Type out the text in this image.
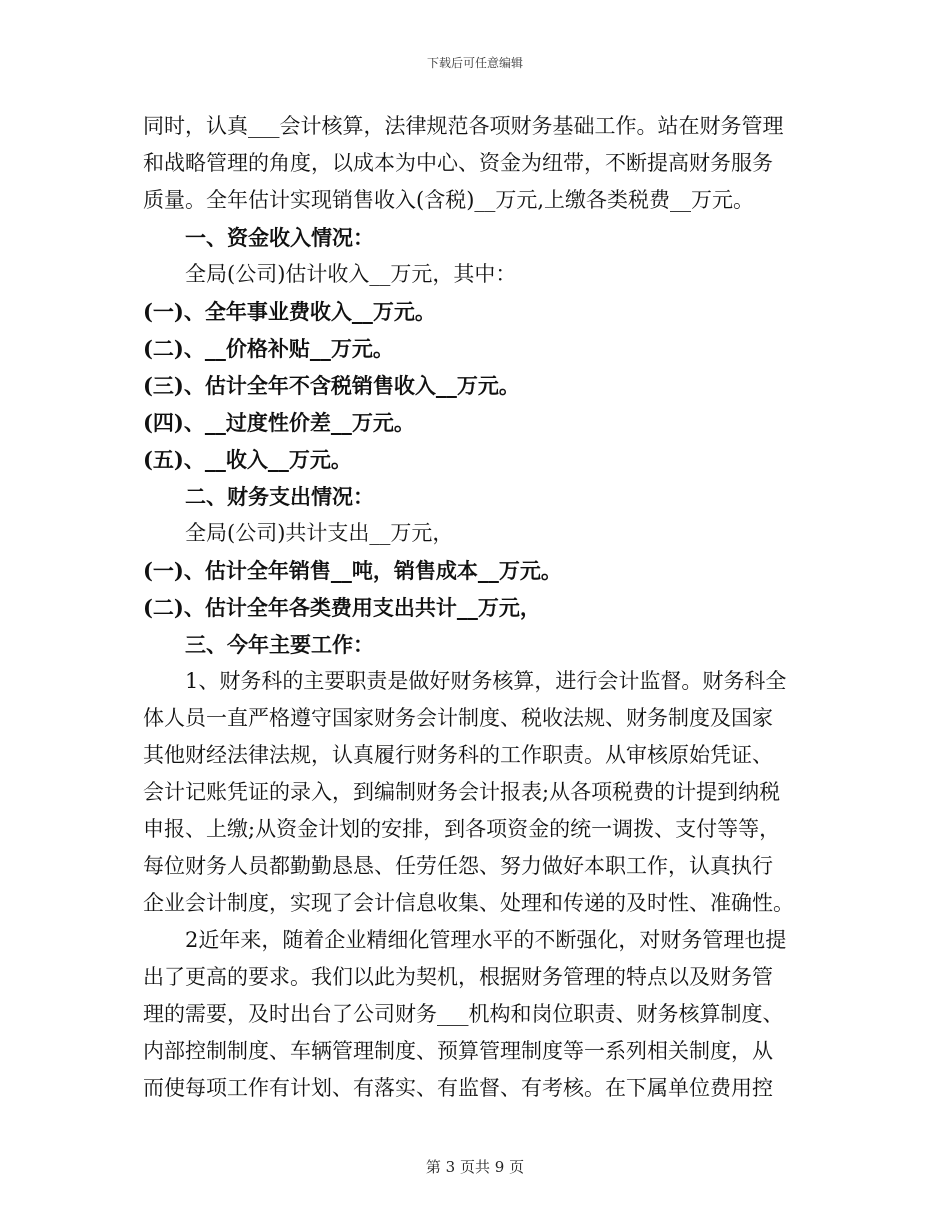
下载后可任意编辑
同时，认真___会计核算，法律规范各项财务基础工作。站在财务管理
和战略管理的角度，以成本为中心、资金为纽带，不断提高财务服务
质量。全年估计实现销售收入(含税)__万元,上缴各类税费__万元。
一、资金收入情况：
全局(公司)估计收入__万元，其中：
(一)、全年事业费收入__万元。
(二)、__价格补贴__万元。
(三)、估计全年不含税销售收入__万元。
(四)、__过度性价差__万元。
(五)、__收入__万元。
二、财务支出情况：
全局(公司)共计支出__万元，
(一)、估计全年销售__吨，销售成本__万元。
(二)、估计全年各类费用支出共计__万元，
三、今年主要工作：
1、财务科的主要职责是做好财务核算，进行会计监督。财务科全
体人员一直严格遵守国家财务会计制度、税收法规、财务制度及国家
其他财经法律法规，认真履行财务科的工作职责。从审核原始凭证、
会计记账凭证的录入，到编制财务会计报表;从各项税费的计提到纳税
申报、上缴;从资金计划的安排，到各项资金的统一调拨、支付等等，
每位财务人员都勤勤恳恳、任劳任怨、努力做好本职工作，认真执行
企业会计制度，实现了会计信息收集、处理和传递的及时性、准确性。
2近年来，随着企业精细化管理水平的不断强化，对财务管理也提
出了更高的要求。我们以此为契机，根据财务管理的特点以及财务管
理的需要，及时出台了公司财务___机构和岗位职责、财务核算制度、
内部控制制度、车辆管理制度、预算管理制度等一系列相关制度，从
而使每项工作有计划、有落实、有监督、有考核。在下属单位费用控
第 3 页共 9 页
